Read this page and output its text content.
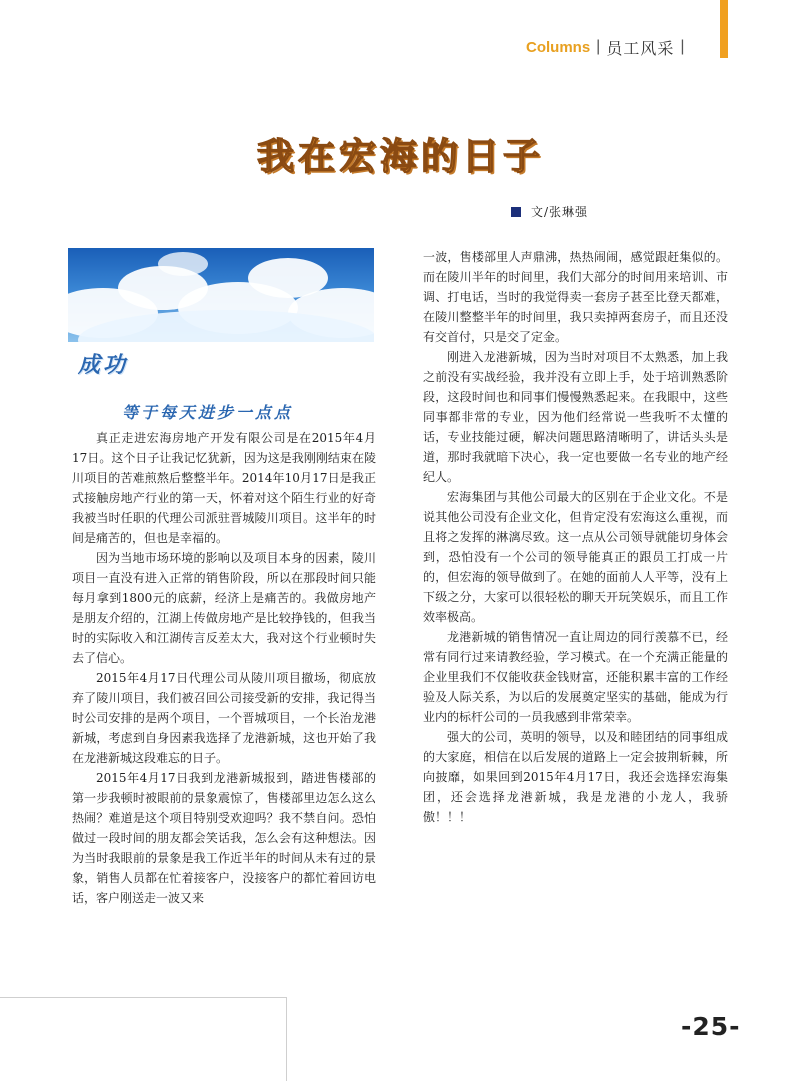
Columns | 员工风采 |
我在宏海的日子
文/张琳强
成功
等于每天进步一点点

真正走进宏海房地产开发有限公司是在2015年4月17日。这个日子让我记忆犹新，因为这是我刚刚结束在陵川项目的苦难煎熬后整整半年。2014年10月17日是我正式接触房地产行业的第一天，怀着对这个陌生行业的好奇我被当时任职的代理公司派驻晋城陵川项目。这半年的时间是痛苦的，但也是幸福的。

因为当地市场环境的影响以及项目本身的因素，陵川项目一直没有进入正常的销售阶段，所以在那段时间只能每月拿到1800元的底薪，经济上是痛苦的。我做房地产是朋友介绍的，江湖上传做房地产是比较挣钱的，但我当时的实际收入和江湖传言反差太大，我对这个行业顿时失去了信心。

2015年4月17日代理公司从陵川项目撤场，彻底放弃了陵川项目，我们被召回公司接受新的安排，我记得当时公司安排的是两个项目，一个晋城项目，一个长治龙港新城，考虑到自身因素我选择了龙港新城，这也开始了我在龙港新城这段难忘的日子。

2015年4月17日我到龙港新城报到，踏进售楼部的第一步我顿时被眼前的景象震惊了，售楼部里边怎么这么热闹？难道是这个项目特别受欢迎吗？我不禁自问。恐怕做过一段时间的朋友都会笑话我，怎么会有这种想法。因为当时我眼前的景象是我工作近半年的时间从未有过的景象，销售人员都在忙着接客户，没接客户的都忙着回访电话，客户刚送走一波又来

一波，售楼部里人声鼎沸，热热闹闹，感觉跟赶集似的。而在陵川半年的时间里，我们大部分的时间用来培训、市调、打电话，当时的我觉得卖一套房子甚至比登天都难，在陵川整整半年的时间里，我只卖掉两套房子，而且还没有交首付，只是交了定金。

刚进入龙港新城，因为当时对项目不太熟悉，加上我之前没有实战经验，我并没有立即上手，处于培训熟悉阶段，这段时间也和同事们慢慢熟悉起来。在我眼中，这些同事都非常的专业，因为他们经常说一些我听不太懂的话，专业技能过硬，解决问题思路清晰明了，讲话头头是道，那时我就暗下决心，我一定也要做一名专业的地产经纪人。

宏海集团与其他公司最大的区别在于企业文化。不是说其他公司没有企业文化，但肯定没有宏海这么重视，而且将之发挥的淋漓尽致。这一点从公司领导就能切身体会到，恐怕没有一个公司的领导能真正的跟员工打成一片的，但宏海的领导做到了。在她的面前人人平等，没有上下级之分，大家可以很轻松的聊天开玩笑娱乐，而且工作效率极高。

龙港新城的销售情况一直让周边的同行羡慕不已，经常有同行过来请教经验，学习模式。在一个充满正能量的企业里我们不仅能收获金钱财富，还能积累丰富的工作经验及人际关系，为以后的发展奠定坚实的基础，能成为行业内的标杆公司的一员我感到非常荣幸。

强大的公司，英明的领导，以及和睦团结的同事组成的大家庭，相信在以后发展的道路上一定会披荆斩棘，所向披靡，如果回到2015年4月17日，我还会选择宏海集团，还会选择龙港新城，我是龙港的小龙人，我骄傲！！！

-25-
